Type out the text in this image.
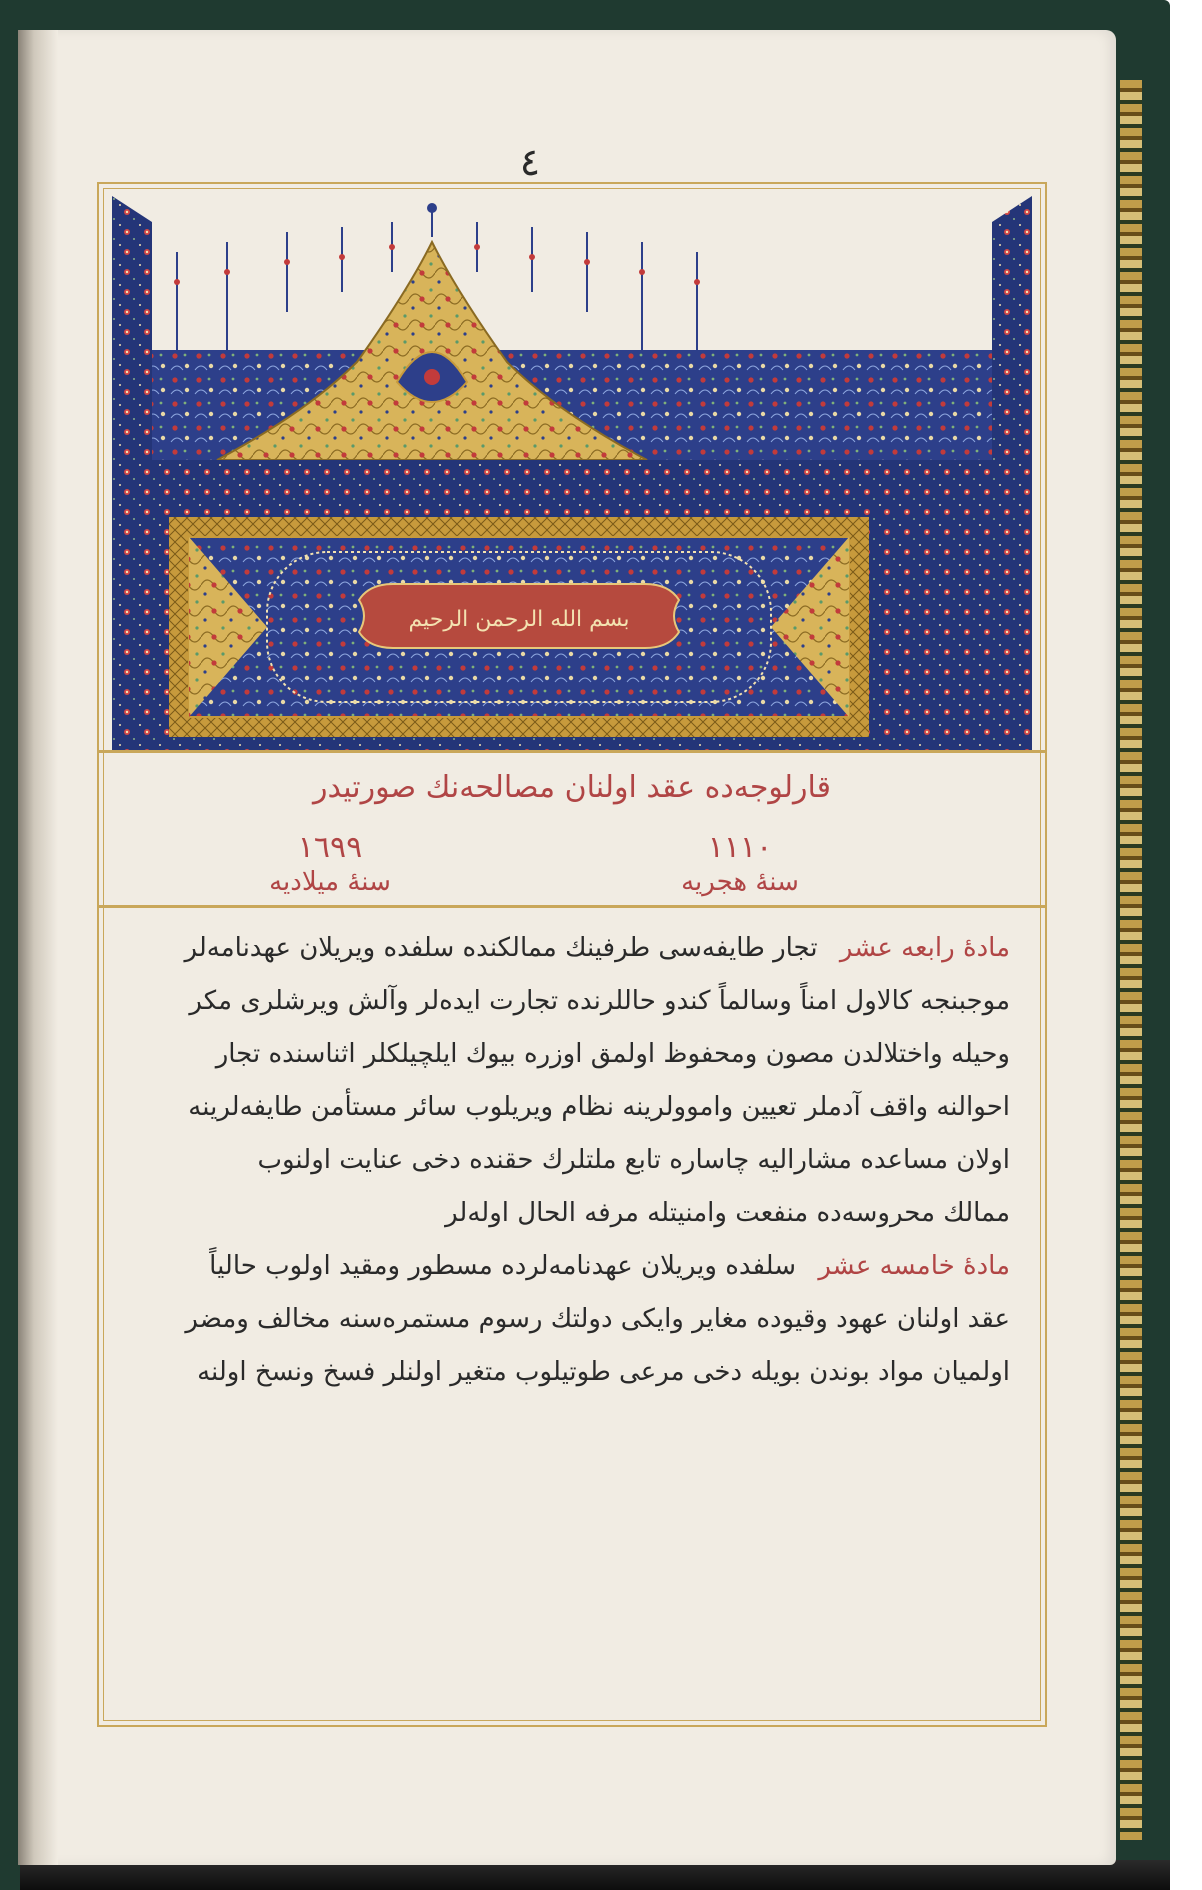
٤
بسم الله الرحمن الرحيم
قارلوجه‌ده عقد اولنان مصالحه‌نك صورتيدر
١١١٠
سنهٔ هجريه
١٦٩٩
سنهٔ ميلاديه
مادهٔ رابعه عشر تجار طايفه‌سى طرفينك ممالكنده سلفده ويريلان عهدنامه‌لر
موجبنجه كالاول امناً وسالماً كندو حاللرنده تجارت ايده‌لر وآلش ويرشلرى مكر
وحيله واختلالدن مصون ومحفوظ اولمق اوزره بيوك ايلچيلكلر اثناسنده تجار
احوالنه واقف آدملر تعيين واموولرينه نظام ويريلوب سائر مستأمن طايفه‌لرينه
اولان مساعده مشاراليه چاساره تابع ملتلرك حقنده دخى عنايت اولنوب
ممالك محروسه‌ده منفعت وامنيتله مرفه الحال اوله‌لر
مادهٔ خامسه عشر سلفده ويريلان عهدنامه‌لرده مسطور ومقيد اولوب حالياً
عقد اولنان عهود وقيوده مغاير وايكى دولتك رسوم مستمره‌سنه مخالف ومضر
اولميان مواد بوندن بويله دخى مرعى طوتيلوب متغير اولنلر فسخ ونسخ اولنه
